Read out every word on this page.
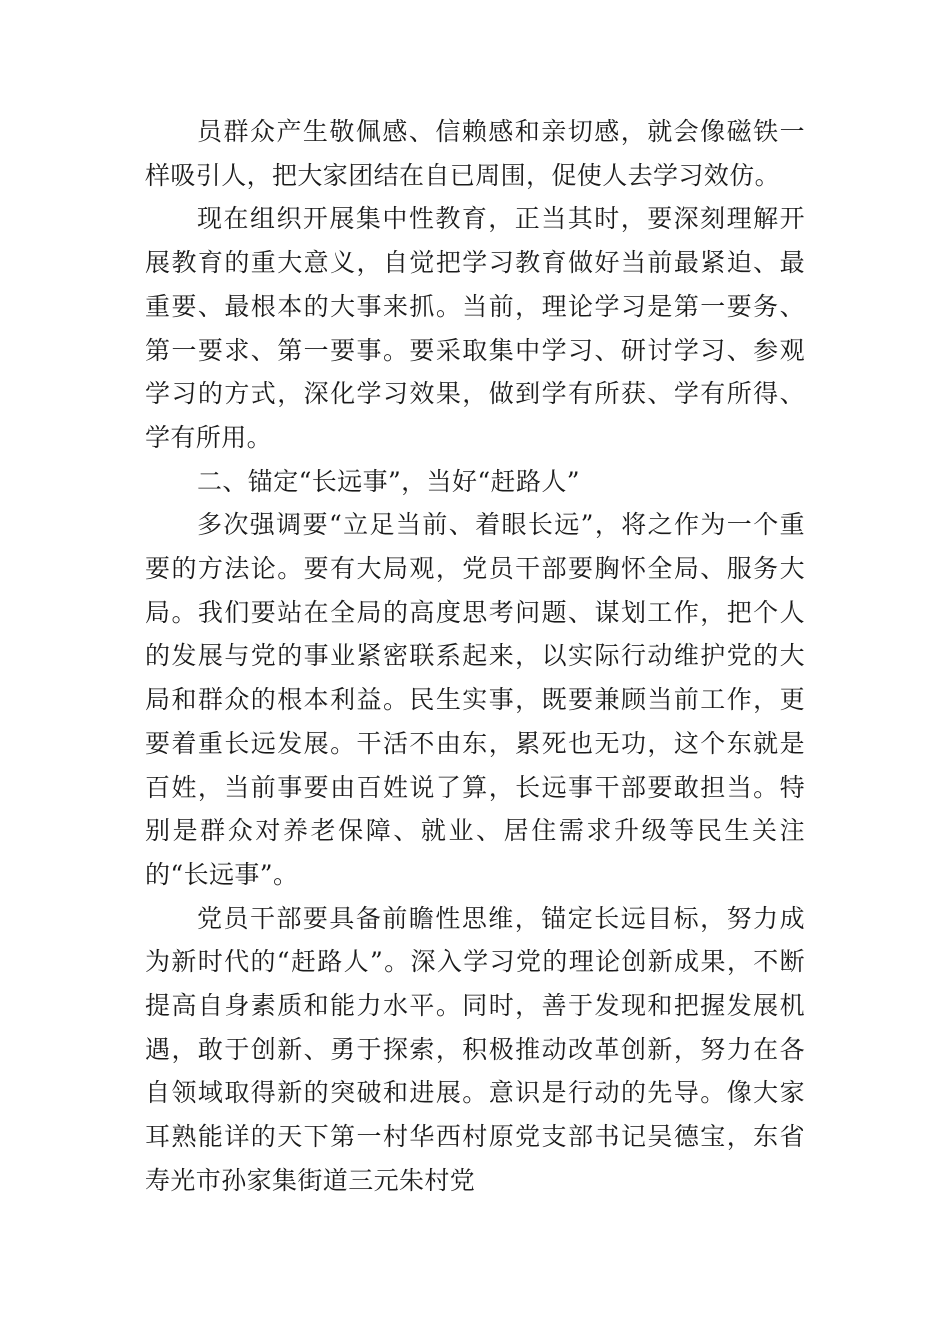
员群众产生敬佩感、信赖感和亲切感，就会像磁铁一样吸引人，把大家团结在自已周围，促使人去学习效仿。

现在组织开展集中性教育，正当其时，要深刻理解开展教育的重大意义，自觉把学习教育做好当前最紧迫、最重要、最根本的大事来抓。当前，理论学习是第一要务、第一要求、第一要事。要采取集中学习、研讨学习、参观学习的方式，深化学习效果，做到学有所获、学有所得、学有所用。

二、锚定“长远事”，当好“赶路人”

多次强调要“立足当前、着眼长远”，将之作为一个重要的方法论。要有大局观，党员干部要胸怀全局、服务大局。我们要站在全局的高度思考问题、谋划工作，把个人的发展与党的事业紧密联系起来，以实际行动维护党的大局和群众的根本利益。民生实事，既要兼顾当前工作，更要着重长远发展。干活不由东，累死也无功，这个东就是百姓，当前事要由百姓说了算，长远事干部要敢担当。特别是群众对养老保障、就业、居住需求升级等民生关注的“长远事”。

党员干部要具备前瞻性思维，锚定长远目标，努力成为新时代的“赶路人”。深入学习党的理论创新成果，不断提高自身素质和能力水平。同时，善于发现和把握发展机遇，敢于创新、勇于探索，积极推动改革创新，努力在各自领域取得新的突破和进展。意识是行动的先导。像大家耳熟能详的天下第一村华西村原党支部书记吴德宝，东省寿光市孙家集街道三元朱村党
